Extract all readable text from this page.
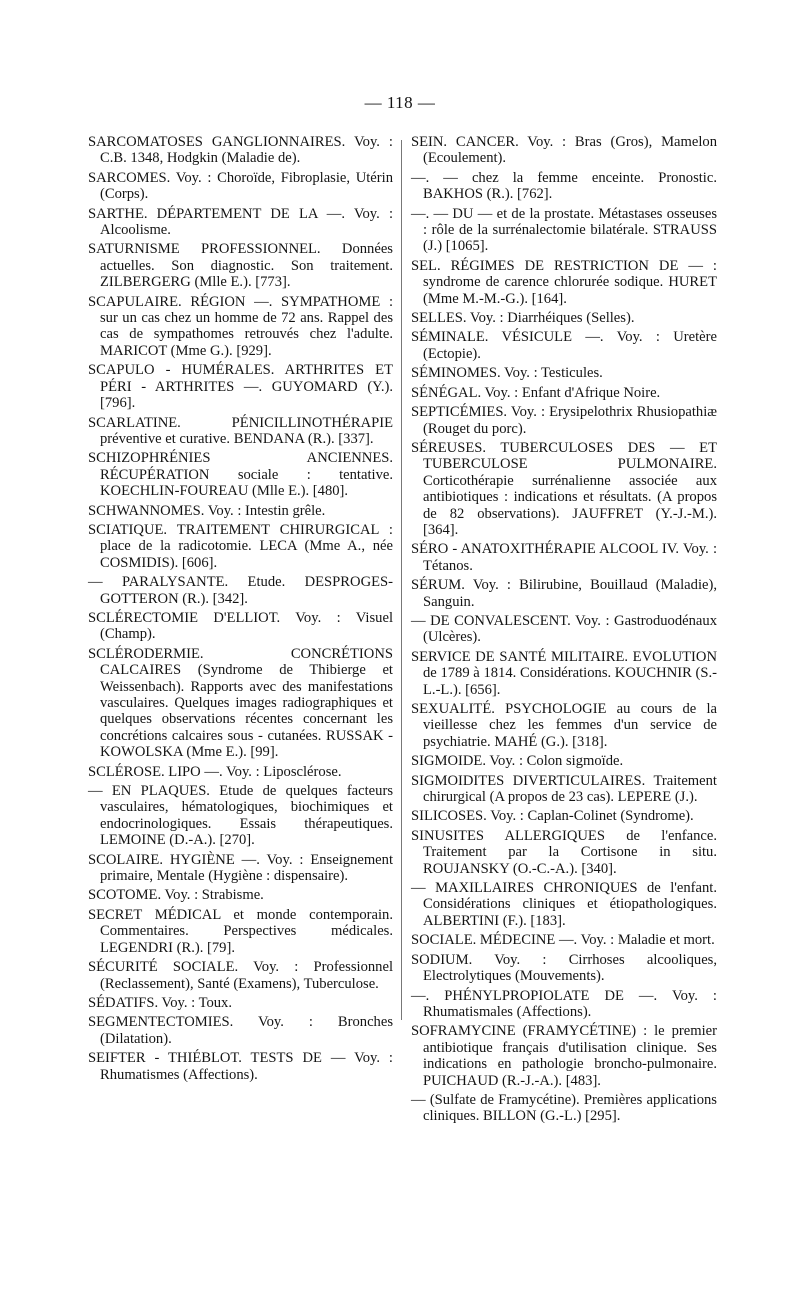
— 118 —

SARCOMATOSES GANGLIONNAIRES. Voy. : C.B. 1348, Hodgkin (Maladie de).

SARCOMES. Voy. : Choroïde, Fibroplasie, Utérin (Corps).

SARTHE. DÉPARTEMENT DE LA —. Voy. : Alcoolisme.

SATURNISME PROFESSIONNEL. Données actuelles. Son diagnostic. Son traitement. ZILBERGERG (Mlle E.). [773].

SCAPULAIRE. RÉGION —. SYMPATHOME : sur un cas chez un homme de 72 ans. Rappel des cas de sympathomes retrouvés chez l'adulte. MARICOT (Mme G.). [929].

SCAPULO - HUMÉRALES. ARTHRITES ET PÉRI - ARTHRITES —. GUYOMARD (Y.). [796].

SCARLATINE. PÉNICILLINOTHÉRAPIE préventive et curative. BENDANA (R.). [337].

SCHIZOPHRÉNIES ANCIENNES. RÉCUPÉRATION sociale : tentative. KOECHLIN-FOUREAU (Mlle E.). [480].

SCHWANNOMES. Voy. : Intestin grêle.

SCIATIQUE. TRAITEMENT CHIRURGICAL : place de la radicotomie. LECA (Mme A., née COSMIDIS). [606].

— PARALYSANTE. Etude. DESPROGES-GOTTERON (R.). [342].

SCLÉRECTOMIE D'ELLIOT. Voy. : Visuel (Champ).

SCLÉRODERMIE. CONCRÉTIONS CALCAIRES (Syndrome de Thibierge et Weissenbach). Rapports avec des manifestations vasculaires. Quelques images radiographiques et quelques observations récentes concernant les concrétions calcaires sous - cutanées. RUSSAK - KOWOLSKA (Mme E.). [99].

SCLÉROSE. LIPO —. Voy. : Liposclérose.

— EN PLAQUES. Etude de quelques facteurs vasculaires, hématologiques, biochimiques et endocrinologiques. Essais thérapeutiques. LEMOINE (D.-A.). [270].

SCOLAIRE. HYGIÈNE —. Voy. : Enseignement primaire, Mentale (Hygiène : dispensaire).

SCOTOME. Voy. : Strabisme.

SECRET MÉDICAL et monde contemporain. Commentaires. Perspectives médicales. LEGENDRI (R.). [79].

SÉCURITÉ SOCIALE. Voy. : Professionnel (Reclassement), Santé (Examens), Tuberculose.

SÉDATIFS. Voy. : Toux.

SEGMENTECTOMIES. Voy. : Bronches (Dilatation).

SEIFTER - THIÉBLOT. TESTS DE — Voy. : Rhumatismes (Affections).

SEIN. CANCER. Voy. : Bras (Gros), Mamelon (Ecoulement).

—. — chez la femme enceinte. Pronostic. BAKHOS (R.). [762].

—. — DU — et de la prostate. Métastases osseuses : rôle de la surrénalectomie bilatérale. STRAUSS (J.) [1065].

SEL. RÉGIMES DE RESTRICTION DE — : syndrome de carence chlorurée sodique. HURET (Mme M.-M.-G.). [164].

SELLES. Voy. : Diarrhéiques (Selles).

SÉMINALE. VÉSICULE —. Voy. : Uretère (Ectopie).

SÉMINOMES. Voy. : Testicules.

SÉNÉGAL. Voy. : Enfant d'Afrique Noire.

SEPTICÉMIES. Voy. : Erysipelothrix Rhusiopathiæ (Rouget du porc).

SÉREUSES. TUBERCULOSES DES — ET TUBERCULOSE PULMONAIRE. Corticothérapie surrénalienne associée aux antibiotiques : indications et résultats. (A propos de 82 observations). JAUFFRET (Y.-J.-M.). [364].

SÉRO - ANATOXITHÉRAPIE ALCOOL IV. Voy. : Tétanos.

SÉRUM. Voy. : Bilirubine, Bouillaud (Maladie), Sanguin.

— DE CONVALESCENT. Voy. : Gastroduodénaux (Ulcères).

SERVICE DE SANTÉ MILITAIRE. EVOLUTION de 1789 à 1814. Considérations. KOUCHNIR (S.-L.-L.). [656].

SEXUALITÉ. PSYCHOLOGIE au cours de la vieillesse chez les femmes d'un service de psychiatrie. MAHÉ (G.). [318].

SIGMOIDE. Voy. : Colon sigmoïde.

SIGMOIDITES DIVERTICULAIRES. Traitement chirurgical (A propos de 23 cas). LEPERE (J.).

SILICOSES. Voy. : Caplan-Colinet (Syndrome).

SINUSITES ALLERGIQUES de l'enfance. Traitement par la Cortisone in situ. ROUJANSKY (O.-C.-A.). [340].

— MAXILLAIRES CHRONIQUES de l'enfant. Considérations cliniques et étiopathologiques. ALBERTINI (F.). [183].

SOCIALE. MÉDECINE —. Voy. : Maladie et mort.

SODIUM. Voy. : Cirrhoses alcooliques, Electrolytiques (Mouvements).

—. PHÉNYLPROPIOLATE DE —. Voy. : Rhumatismales (Affections).

SOFRAMYCINE (FRAMYCÉTINE) : le premier antibiotique français d'utilisation clinique. Ses indications en pathologie broncho-pulmonaire. PUICHAUD (R.-J.-A.). [483].

— (Sulfate de Framycétine). Premières applications cliniques. BILLON (G.-L.) [295].
